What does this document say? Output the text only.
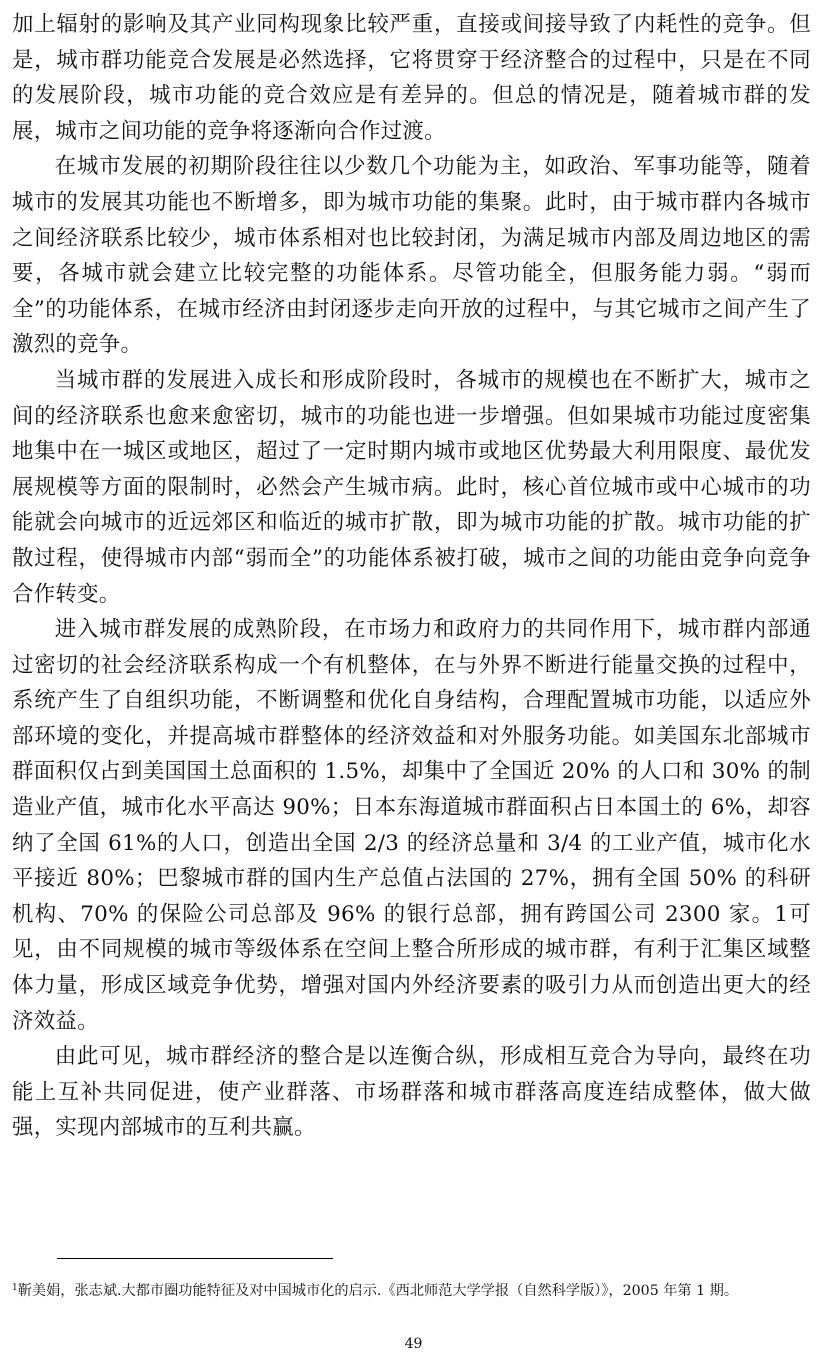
加上辐射的影响及其产业同构现象比较严重，直接或间接导致了内耗性的竞争。但是，城市群功能竞合发展是必然选择，它将贯穿于经济整合的过程中，只是在不同的发展阶段，城市功能的竞合效应是有差异的。但总的情况是，随着城市群的发展，城市之间功能的竞争将逐渐向合作过渡。

在城市发展的初期阶段往往以少数几个功能为主，如政治、军事功能等，随着城市的发展其功能也不断增多，即为城市功能的集聚。此时，由于城市群内各城市之间经济联系比较少，城市体系相对也比较封闭，为满足城市内部及周边地区的需要，各城市就会建立比较完整的功能体系。尽管功能全，但服务能力弱。“弱而全”的功能体系，在城市经济由封闭逐步走向开放的过程中，与其它城市之间产生了激烈的竞争。

当城市群的发展进入成长和形成阶段时，各城市的规模也在不断扩大，城市之间的经济联系也愈来愈密切，城市的功能也进一步增强。但如果城市功能过度密集地集中在一城区或地区，超过了一定时期内城市或地区优势最大利用限度、最优发展规模等方面的限制时，必然会产生城市病。此时，核心首位城市或中心城市的功能就会向城市的近远郊区和临近的城市扩散，即为城市功能的扩散。城市功能的扩散过程，使得城市内部“弱而全”的功能体系被打破，城市之间的功能由竞争向竞争合作转变。

进入城市群发展的成熟阶段，在市场力和政府力的共同作用下，城市群内部通过密切的社会经济联系构成一个有机整体，在与外界不断进行能量交换的过程中，系统产生了自组织功能，不断调整和优化自身结构，合理配置城市功能，以适应外部环境的变化，并提高城市群整体的经济效益和对外服务功能。如美国东北部城市群面积仅占到美国国土总面积的 1.5%，却集中了全国近 20% 的人口和 30% 的制造业产值，城市化水平高达 90%；日本东海道城市群面积占日本国土的 6%，却容纳了全国 61%的人口，创造出全国 2/3 的经济总量和 3/4 的工业产值，城市化水平接近 80%；巴黎城市群的国内生产总值占法国的 27%，拥有全国 50% 的科研机构、70% 的保险公司总部及 96% 的银行总部，拥有跨国公司 2300 家。1可见，由不同规模的城市等级体系在空间上整合所形成的城市群，有利于汇集区域整体力量，形成区域竞争优势，增强对国内外经济要素的吸引力从而创造出更大的经济效益。

由此可见，城市群经济的整合是以连衡合纵，形成相互竞合为导向，最终在功能上互补共同促进，使产业群落、市场群落和城市群落高度连结成整体，做大做强，实现内部城市的互利共赢。

$^1$靳美娟，张志斌.大都市圈功能特征及对中国城市化的启示.《西北师范大学学报（自然科学版）》，2005 年第 1 期。
49
